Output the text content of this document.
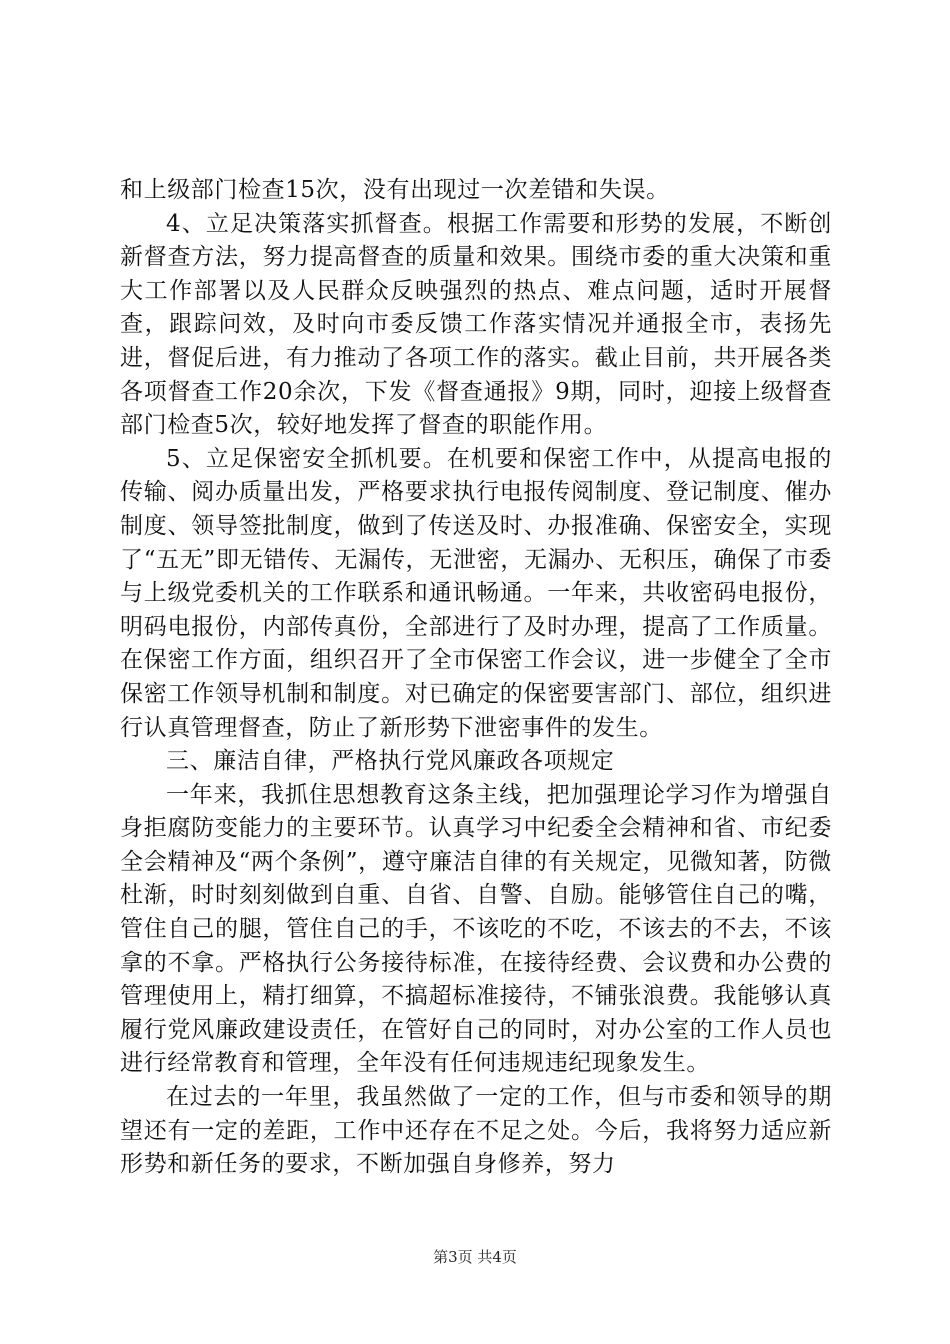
和上级部门检查15次，没有出现过一次差错和失误。

4、立足决策落实抓督查。根据工作需要和形势的发展，不断创新督查方法，努力提高督查的质量和效果。围绕市委的重大决策和重大工作部署以及人民群众反映强烈的热点、难点问题，适时开展督查，跟踪问效，及时向市委反馈工作落实情况并通报全市，表扬先进，督促后进，有力推动了各项工作的落实。截止目前，共开展各类各项督查工作20余次，下发《督查通报》9期，同时，迎接上级督查部门检查5次，较好地发挥了督查的职能作用。

5、立足保密安全抓机要。在机要和保密工作中，从提高电报的传输、阅办质量出发，严格要求执行电报传阅制度、登记制度、催办制度、领导签批制度，做到了传送及时、办报准确、保密安全，实现了“五无”即无错传、无漏传，无泄密，无漏办、无积压，确保了市委与上级党委机关的工作联系和通讯畅通。一年来，共收密码电报份，明码电报份，内部传真份，全部进行了及时办理，提高了工作质量。在保密工作方面，组织召开了全市保密工作会议，进一步健全了全市保密工作领导机制和制度。对已确定的保密要害部门、部位，组织进行认真管理督查，防止了新形势下泄密事件的发生。

三、廉洁自律，严格执行党风廉政各项规定

一年来，我抓住思想教育这条主线，把加强理论学习作为增强自身拒腐防变能力的主要环节。认真学习中纪委全会精神和省、市纪委全会精神及“两个条例”，遵守廉洁自律的有关规定，见微知著，防微杜渐，时时刻刻做到自重、自省、自警、自励。能够管住自己的嘴，管住自己的腿，管住自己的手，不该吃的不吃，不该去的不去，不该拿的不拿。严格执行公务接待标准，在接待经费、会议费和办公费的管理使用上，精打细算，不搞超标准接待，不铺张浪费。我能够认真履行党风廉政建设责任，在管好自己的同时，对办公室的工作人员也进行经常教育和管理，全年没有任何违规违纪现象发生。

在过去的一年里，我虽然做了一定的工作，但与市委和领导的期望还有一定的差距，工作中还存在不足之处。今后，我将努力适应新形势和新任务的要求，不断加强自身修养，努力

第3页 共4页
